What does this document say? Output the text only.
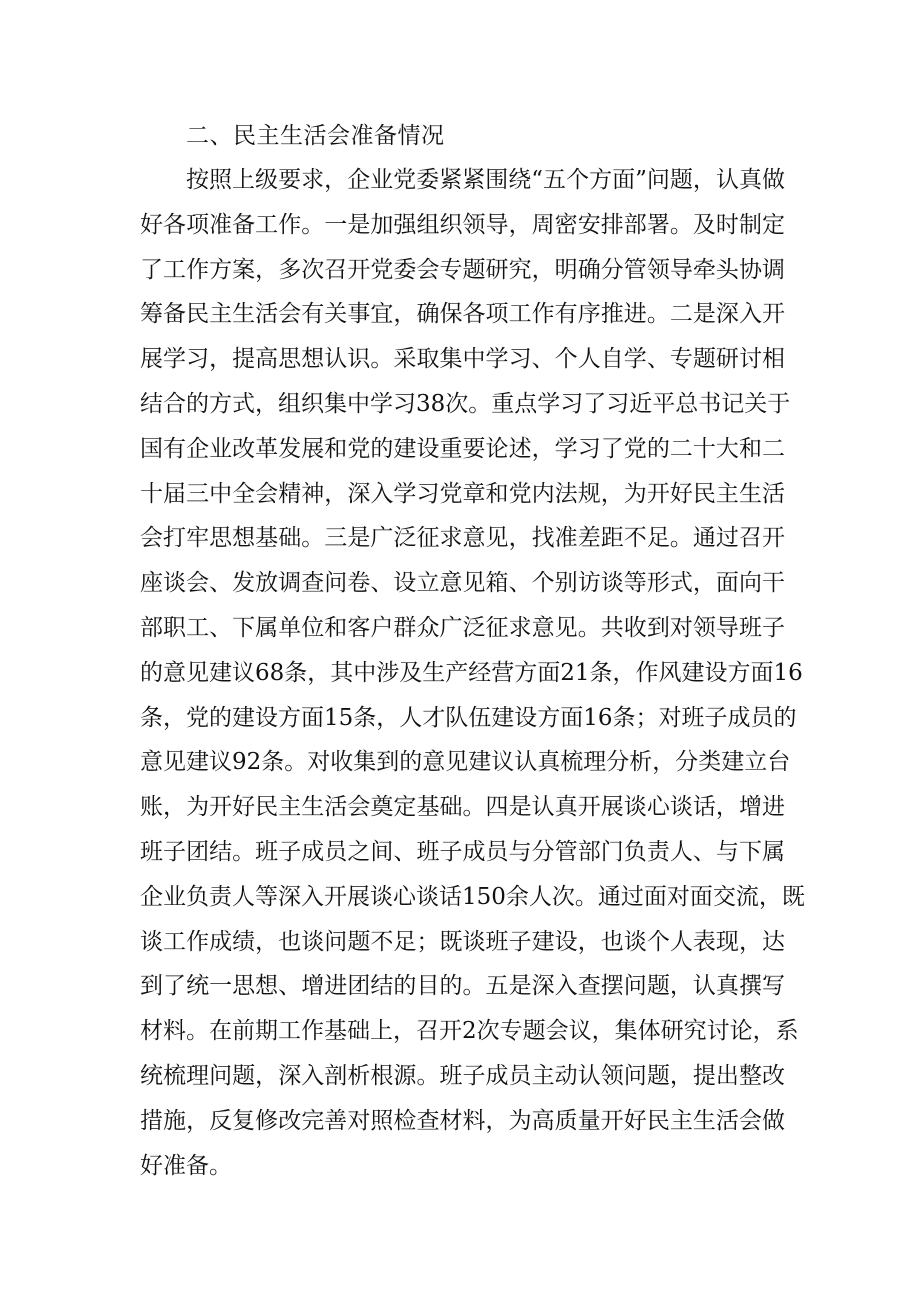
二、民主生活会准备情况
按照上级要求，企业党委紧紧围绕“五个方面”问题，认真做
好各项准备工作。一是加强组织领导，周密安排部署。及时制定
了工作方案，多次召开党委会专题研究，明确分管领导牵头协调
筹备民主生活会有关事宜，确保各项工作有序推进。二是深入开
展学习，提高思想认识。采取集中学习、个人自学、专题研讨相
结合的方式，组织集中学习38次。重点学习了习近平总书记关于
国有企业改革发展和党的建设重要论述，学习了党的二十大和二
十届三中全会精神，深入学习党章和党内法规，为开好民主生活
会打牢思想基础。三是广泛征求意见，找准差距不足。通过召开
座谈会、发放调查问卷、设立意见箱、个别访谈等形式，面向干
部职工、下属单位和客户群众广泛征求意见。共收到对领导班子
的意见建议68条，其中涉及生产经营方面21条，作风建设方面16
条，党的建设方面15条，人才队伍建设方面16条；对班子成员的
意见建议92条。对收集到的意见建议认真梳理分析，分类建立台
账，为开好民主生活会奠定基础。四是认真开展谈心谈话，增进
班子团结。班子成员之间、班子成员与分管部门负责人、与下属
企业负责人等深入开展谈心谈话150余人次。通过面对面交流，既
谈工作成绩，也谈问题不足；既谈班子建设，也谈个人表现，达
到了统一思想、增进团结的目的。五是深入查摆问题，认真撰写
材料。在前期工作基础上，召开2次专题会议，集体研究讨论，系
统梳理问题，深入剖析根源。班子成员主动认领问题，提出整改
措施，反复修改完善对照检查材料，为高质量开好民主生活会做
好准备。
